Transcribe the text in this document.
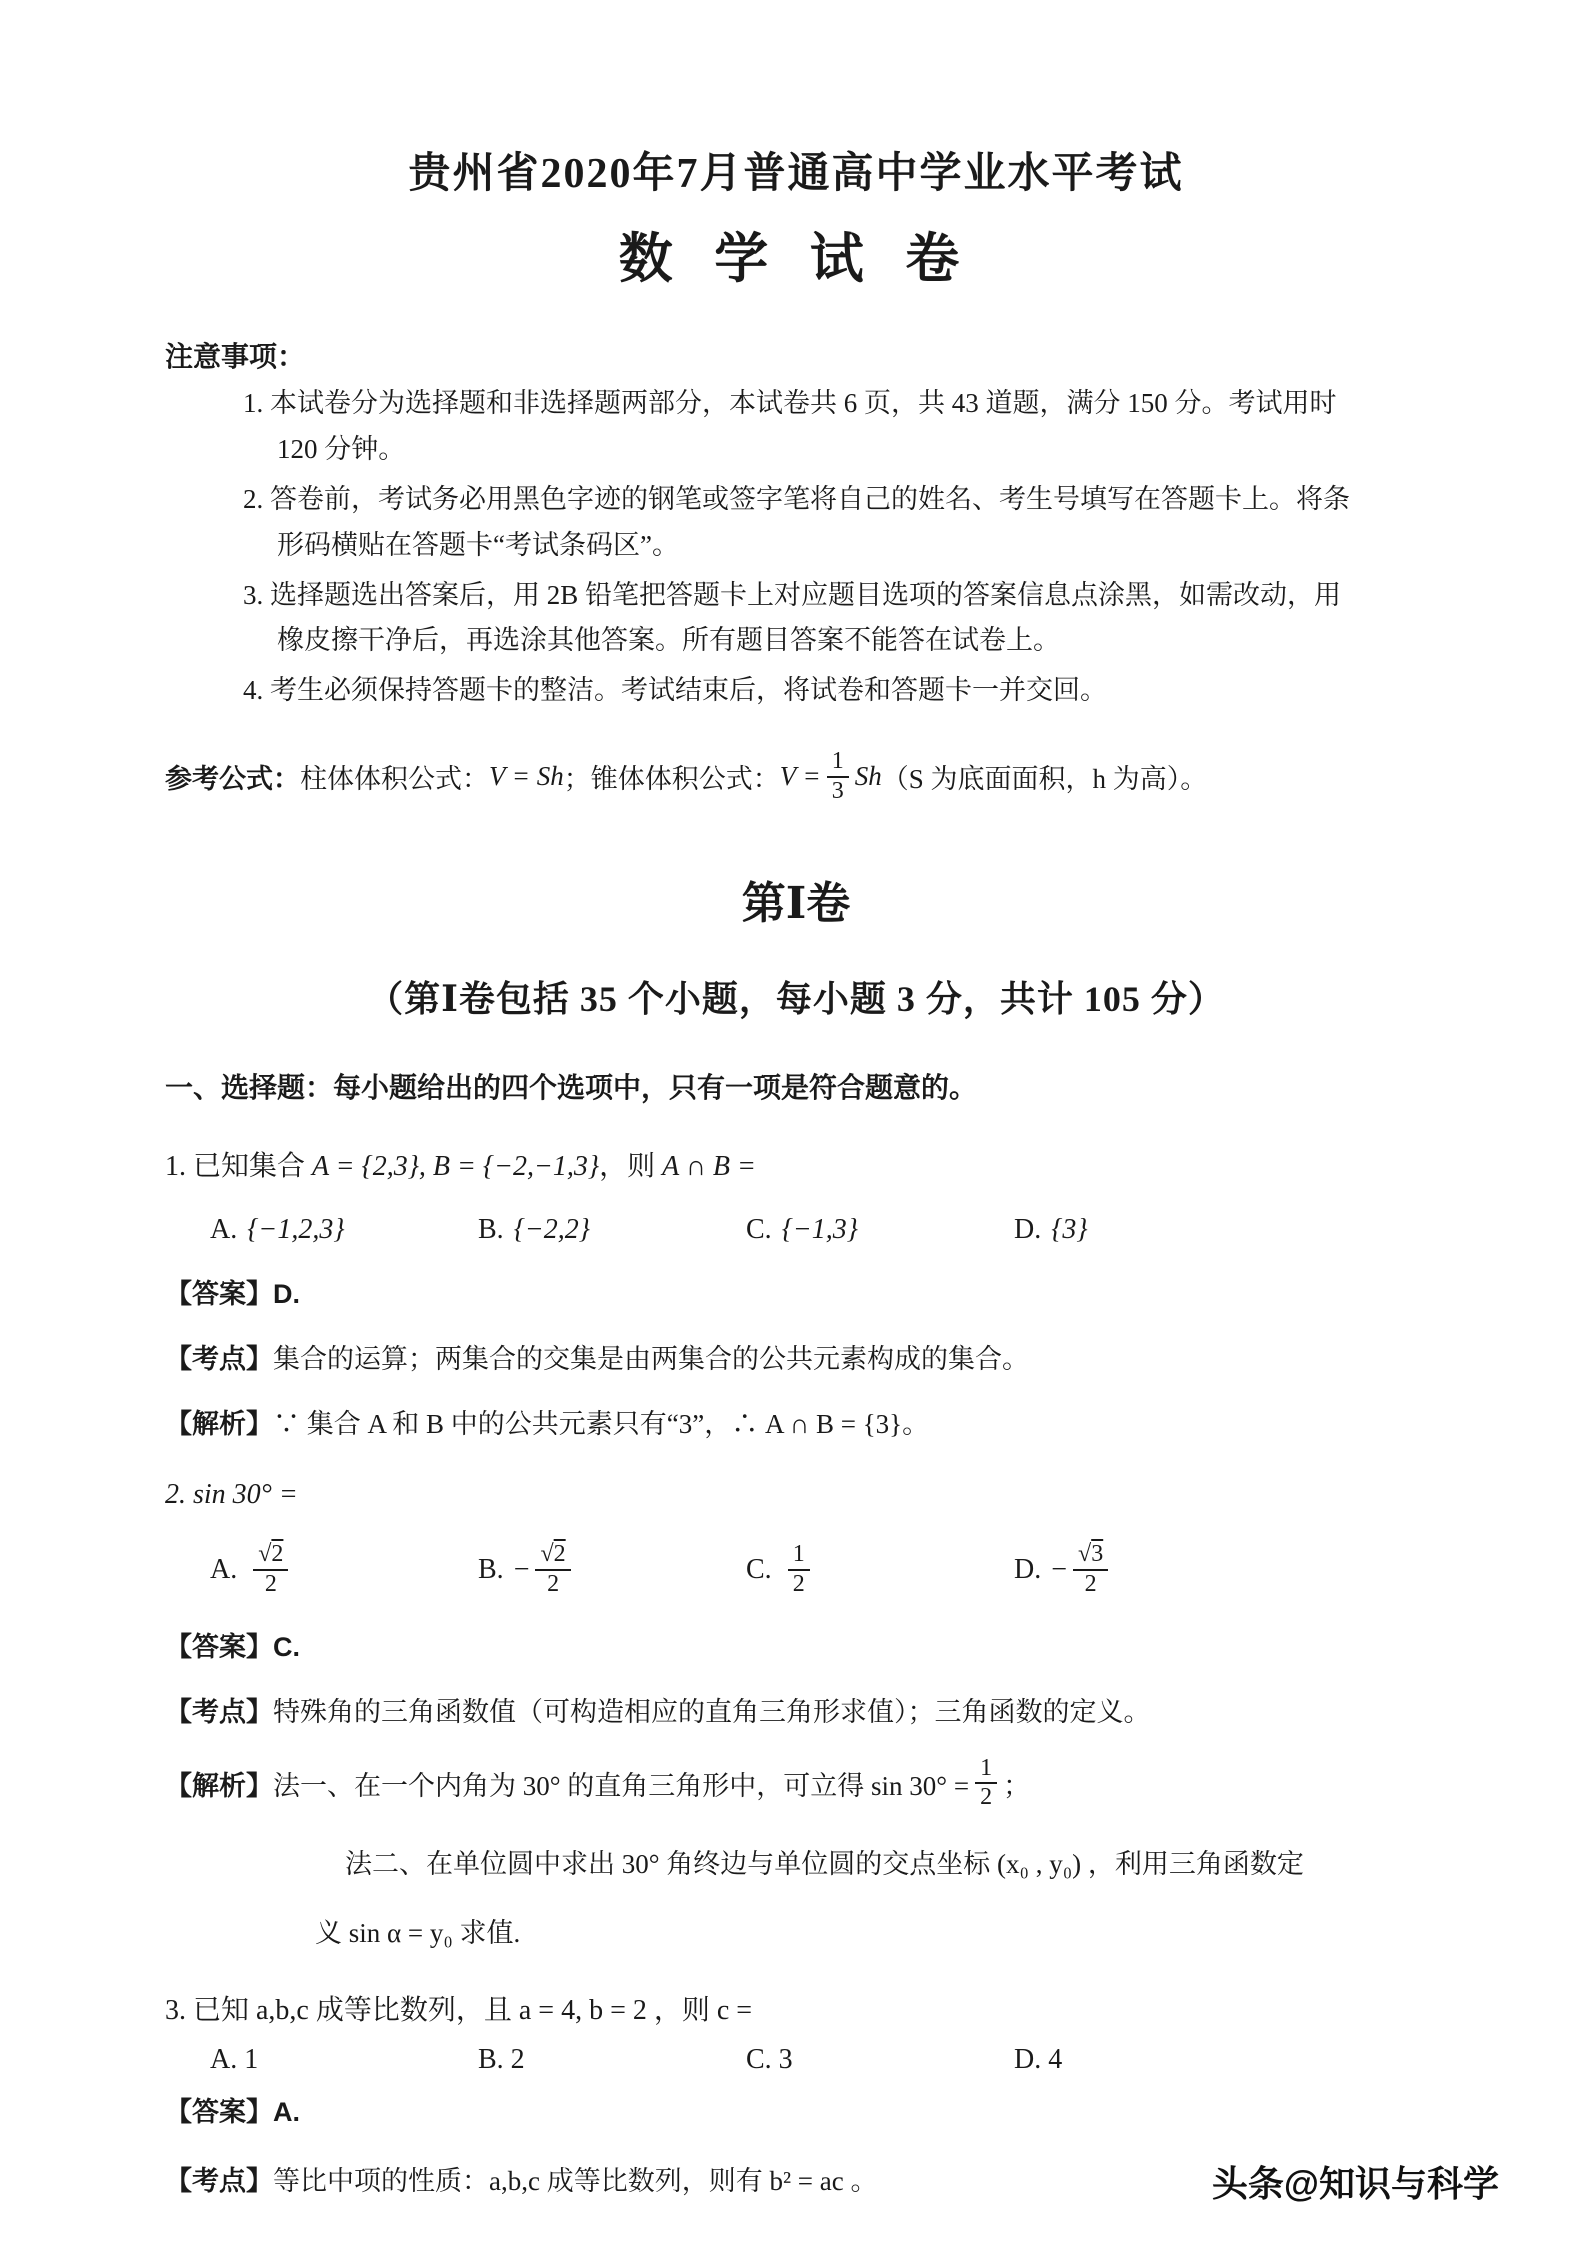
贵州省2020年7月普通高中学业水平考试
数 学 试 卷
注意事项：
1. 本试卷分为选择题和非选择题两部分，本试卷共 6 页，共 43 道题，满分 150 分。考试用时 120 分钟。
2. 答卷前，考试务必用黑色字迹的钢笔或签字笔将自己的姓名、考生号填写在答题卡上。将条形码横贴在答题卡“考试条码区”。
3. 选择题选出答案后，用 2B 铅笔把答题卡上对应题目选项的答案信息点涂黑，如需改动，用橡皮擦干净后，再选涂其他答案。所有题目答案不能答在试卷上。
4. 考生必须保持答题卡的整洁。考试结束后，将试卷和答题卡一并交回。
参考公式： 柱体体积公式： V = Sh ；锥体体积公式： $V = \frac{1}{3}$ Sh （S 为底面面积，h 为高）。
第Ⅰ卷
（第Ⅰ卷包括 35 个小题，每小题 3 分，共计 105 分）
一、选择题：每小题给出的四个选项中，只有一项是符合题意的。
1. 已知集合 A = {2,3}, B = {−2,−1,3}，则 A ∩ B =
A. {−1,2,3}	B. {−2,2}	C. {−1,3}	D. {3}
【答案】D.
【考点】集合的运算；两集合的交集是由两集合的公共元素构成的集合。
【解析】∵ 集合 A 和 B 中的公共元素只有“3”，∴ A ∩ B = {3}。
2. sin 30° =
A. $\frac{√2}{2}$	B. − $\frac{√2}{2}$	C. $\frac{1}{2}$	D. − $\frac{√3}{2}$
【答案】C.
【考点】特殊角的三角函数值（可构造相应的直角三角形求值）；三角函数的定义。
【解析】 法一、在一个内角为 30° 的直角三角形中，可立得 $\sin 30^\circ = \frac{1}{2}$ ；
法二、在单位圆中求出 30° 角终边与单位圆的交点坐标 (x₀ , y₀) ，利用三角函数定
义 sin α = y₀ 求值.
3. 已知 a,b,c 成等比数列，且 a = 4, b = 2 ，则 c =
A. 1	B. 2	C. 3	D. 4
【答案】A.
【考点】等比中项的性质：a,b,c 成等比数列，则有 b² = ac 。	头条@知识与科学
